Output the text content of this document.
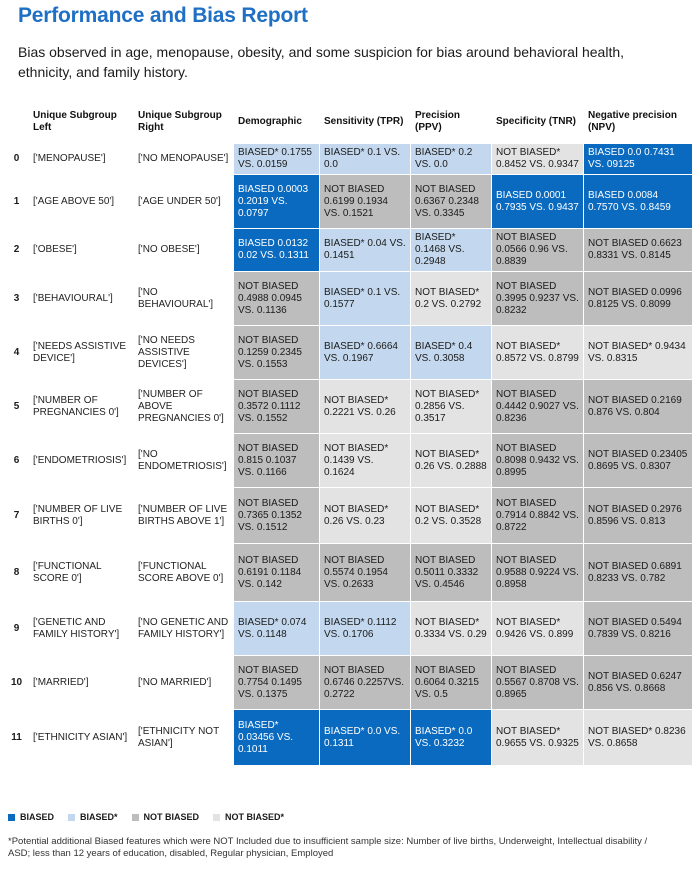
Performance and Bias Report
Bias observed in age, menopause, obesity, and some suspicion for bias around behavioral health, ethnicity, and family history.
	Unique Subgroup Left	Unique Subgroup Right	Demographic	Sensitivity (TPR)	Precision (PPV)	Specificity (TNR)	Negative precision (NPV)
0	['MENOPAUSE']	['NO MENOPAUSE']	BIASED* 0.1755 VS. 0.0159	BIASED* 0.1 VS. 0.0	BIASED* 0.2 VS. 0.0	NOT BIASED* 0.8452 VS. 0.9347	BIASED 0.0 0.7431 VS. 09125
1	['AGE ABOVE 50']	['AGE UNDER 50']	BIASED 0.0003 0.2019 VS. 0.0797	NOT BIASED 0.6199 0.1934 VS. 0.1521	NOT BIASED 0.6367 0.2348 VS. 0.3345	BIASED 0.0001 0.7935 VS. 0.9437	BIASED 0.0084 0.7570 VS. 0.8459
2	['OBESE']	['NO OBESE']	BIASED 0.0132 0.02 VS. 0.1311	BIASED* 0.04 VS. 0.1451	BIASED* 0.1468 VS. 0.2948	NOT BIASED 0.0566 0.96 VS. 0.8839	NOT BIASED 0.6623 0.8331 VS. 0.8145
3	['BEHAVIOURAL']	['NO BEHAVIOURAL']	NOT BIASED 0.4988 0.0945 VS. 0.1136	BIASED* 0.1 VS. 0.1577	NOT BIASED* 0.2 VS. 0.2792	NOT BIASED 0.3995 0.9237 VS. 0.8232	NOT BIASED 0.0996 0.8125 VS. 0.8099
4	['NEEDS ASSISTIVE DEVICE']	['NO NEEDS ASSISTIVE DEVICES']	NOT BIASED 0.1259 0.2345 VS. 0.1553	BIASED* 0.6664 VS. 0.1967	BIASED* 0.4 VS. 0.3058	NOT BIASED* 0.8572 VS. 0.8799	NOT BIASED* 0.9434 VS. 0.8315
5	['NUMBER OF PREGNANCIES 0']	['NUMBER OF ABOVE PREGNANCIES 0']	NOT BIASED 0.3572 0.1112 VS. 0.1552	NOT BIASED* 0.2221 VS. 0.26	NOT BIASED* 0.2856 VS. 0.3517	NOT BIASED 0.4442 0.9027 VS. 0.8236	NOT BIASED 0.2169 0.876 VS. 0.804
6	['ENDOMETRIOSIS']	['NO ENDOMETRIOSIS']	NOT BIASED 0.815 0.1037 VS. 0.1166	NOT BIASED* 0.1439 VS. 0.1624	NOT BIASED* 0.26 VS. 0.2888	NOT BIASED 0.8098 0.9432 VS. 0.8995	NOT BIASED 0.23405 0.8695 VS. 0.8307
7	['NUMBER OF LIVE BIRTHS 0']	['NUMBER OF LIVE BIRTHS ABOVE 1']	NOT BIASED 0.7365 0.1352 VS. 0.1512	NOT BIASED* 0.26 VS. 0.23	NOT BIASED* 0.2 VS. 0.3528	NOT BIASED 0.7914 0.8842 VS. 0.8722	NOT BIASED 0.2976 0.8596 VS. 0.813
8	['FUNCTIONAL SCORE 0']	['FUNCTIONAL SCORE ABOVE 0']	NOT BIASED 0.6191 0.1184 VS. 0.142	NOT BIASED 0.5574 0.1954 VS. 0.2633	NOT BIASED 0.5011 0.3332 VS. 0.4546	NOT BIASED 0.9588 0.9224 VS. 0.8958	NOT BIASED 0.6891 0.8233 VS. 0.782
9	['GENETIC AND FAMILY HISTORY']	['NO GENETIC AND FAMILY HISTORY']	BIASED* 0.074 VS. 0.1148	BIASED* 0.1112 VS. 0.1706	NOT BIASED* 0.3334 VS. 0.29	NOT BIASED* 0.9426 VS. 0.899	NOT BIASED 0.5494 0.7839 VS. 0.8216
10	['MARRIED']	['NO MARRIED']	NOT BIASED 0.7754 0.1495 VS. 0.1375	NOT BIASED 0.6746 0.2257VS. 0.2722	NOT BIASED 0.6064 0.3215 VS. 0.5	NOT BIASED 0.5567 0.8708 VS. 0.8965	NOT BIASED 0.6247 0.856 VS. 0.8668
11	['ETHNICITY ASIAN']	['ETHNICITY NOT ASIAN']	BIASED* 0.03456 VS. 0.1011	BIASED* 0.0 VS. 0.1311	BIASED* 0.0 VS. 0.3232	NOT BIASED* 0.9655 VS. 0.9325	NOT BIASED* 0.8236 VS. 0.8658
BIASED	BIASED*	NOT BIASED	NOT BIASED*
*Potential additional Biased features which were NOT Included due to insufficient sample size: Number of live births, Underweight, Intellectual disability / ASD; less than 12 years of education, disabled, Regular physician, Employed
